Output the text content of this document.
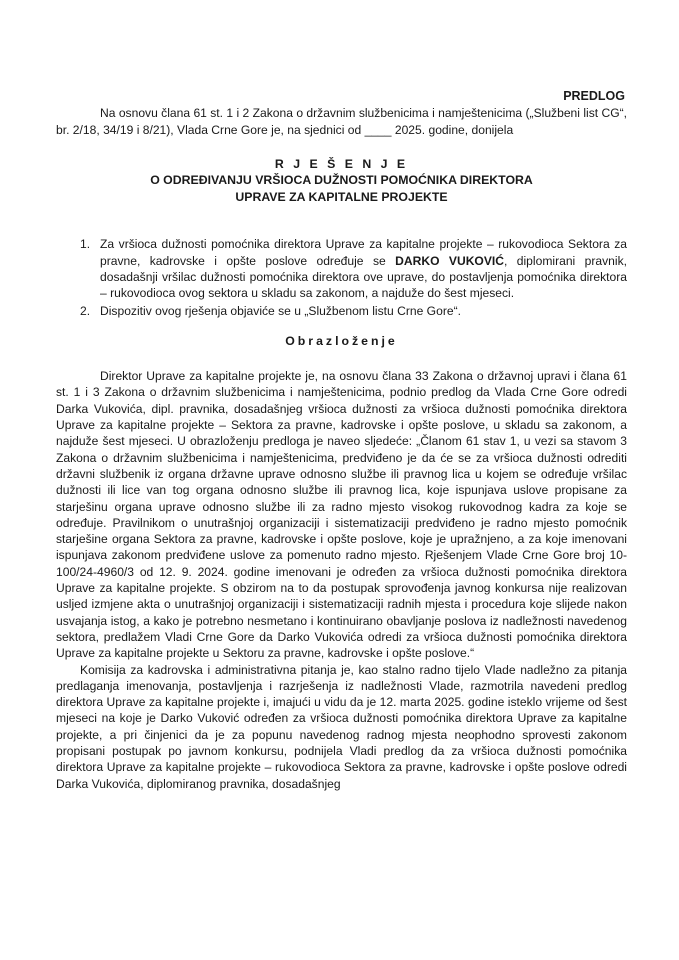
PREDLOG
Na osnovu člana 61 st. 1 i 2 Zakona o državnim službenicima i namještenicima („Službeni list CG“, br. 2/18, 34/19 i 8/21), Vlada Crne Gore je, na sjednici od ____ 2025. godine, donijela
R J E Š E N J E
O ODREĐIVANJU VRŠIOCA DUŽNOSTI POMOĆNIKA DIREKTORA
UPRAVE ZA KAPITALNE PROJEKTE
1. Za vršioca dužnosti pomoćnika direktora Uprave za kapitalne projekte – rukovodioca Sektora za pravne, kadrovske i opšte poslove određuje se DARKO VUKOVIĆ, diplomirani pravnik, dosadašnji vršilac dužnosti pomoćnika direktora ove uprave, do postavljenja pomoćnika direktora – rukovodioca ovog sektora u skladu sa zakonom, a najduže do šest mjeseci.
2. Dispozitiv ovog rješenja objaviće se u „Službenom listu Crne Gore“.
Obrazloženje

Direktor Uprave za kapitalne projekte je, na osnovu člana 33 Zakona o državnoj upravi i člana 61 st. 1 i 3 Zakona o državnim službenicima i namještenicima, podnio predlog da Vlada Crne Gore odredi Darka Vukovića, dipl. pravnika, dosadašnjeg vršioca dužnosti za vršioca dužnosti pomoćnika direktora Uprave za kapitalne projekte – Sektora za pravne, kadrovske i opšte poslove, u skladu sa zakonom, a najduže šest mjeseci. U obrazloženju predloga je naveo sljedeće: „Članom 61 stav 1, u vezi sa stavom 3 Zakona o državnim službenicima i namještenicima, predviđeno je da će se za vršioca dužnosti odrediti državni službenik iz organa državne uprave odnosno službe ili pravnog lica u kojem se određuje vršilac dužnosti ili lice van tog organa odnosno službe ili pravnog lica, koje ispunjava uslove propisane za starješinu organa uprave odnosno službe ili za radno mjesto visokog rukovodnog kadra za koje se određuje. Pravilnikom o unutrašnjoj organizaciji i sistematizaciji predviđeno je radno mjesto pomoćnik starješine organa Sektora za pravne, kadrovske i opšte poslove, koje je upražnjeno, a za koje imenovani ispunjava zakonom predviđene uslove za pomenuto radno mjesto. Rješenjem Vlade Crne Gore broj 10-100/24-4960/3 od 12. 9. 2024. godine imenovani je određen za vršioca dužnosti pomoćnika direktora Uprave za kapitalne projekte. S obzirom na to da postupak sprovođenja javnog konkursa nije realizovan usljed izmjene akta o unutrašnjoj organizaciji i sistematizaciji radnih mjesta i procedura koje slijede nakon usvajanja istog, a kako je potrebno nesmetano i kontinuirano obavljanje poslova iz nadležnosti navedenog sektora, predlažem Vladi Crne Gore da Darko Vukovića odredi za vršioca dužnosti pomoćnika direktora Uprave za kapitalne projekte u Sektoru za pravne, kadrovske i opšte poslove.“

Komisija za kadrovska i administrativna pitanja je, kao stalno radno tijelo Vlade nadležno za pitanja predlaganja imenovanja, postavljenja i razrješenja iz nadležnosti Vlade, razmotrila navedeni predlog direktora Uprave za kapitalne projekte i, imajući u vidu da je 12. marta 2025. godine isteklo vrijeme od šest mjeseci na koje je Darko Vuković određen za vršioca dužnosti pomoćnika direktora Uprave za kapitalne projekte, a pri činjenici da je za popunu navedenog radnog mjesta neophodno sprovesti zakonom propisani postupak po javnom konkursu, podnijela Vladi predlog da za vršioca dužnosti pomoćnika direktora Uprave za kapitalne projekte – rukovodioca Sektora za pravne, kadrovske i opšte poslove odredi Darka Vukovića, diplomiranog pravnika, dosadašnjeg
